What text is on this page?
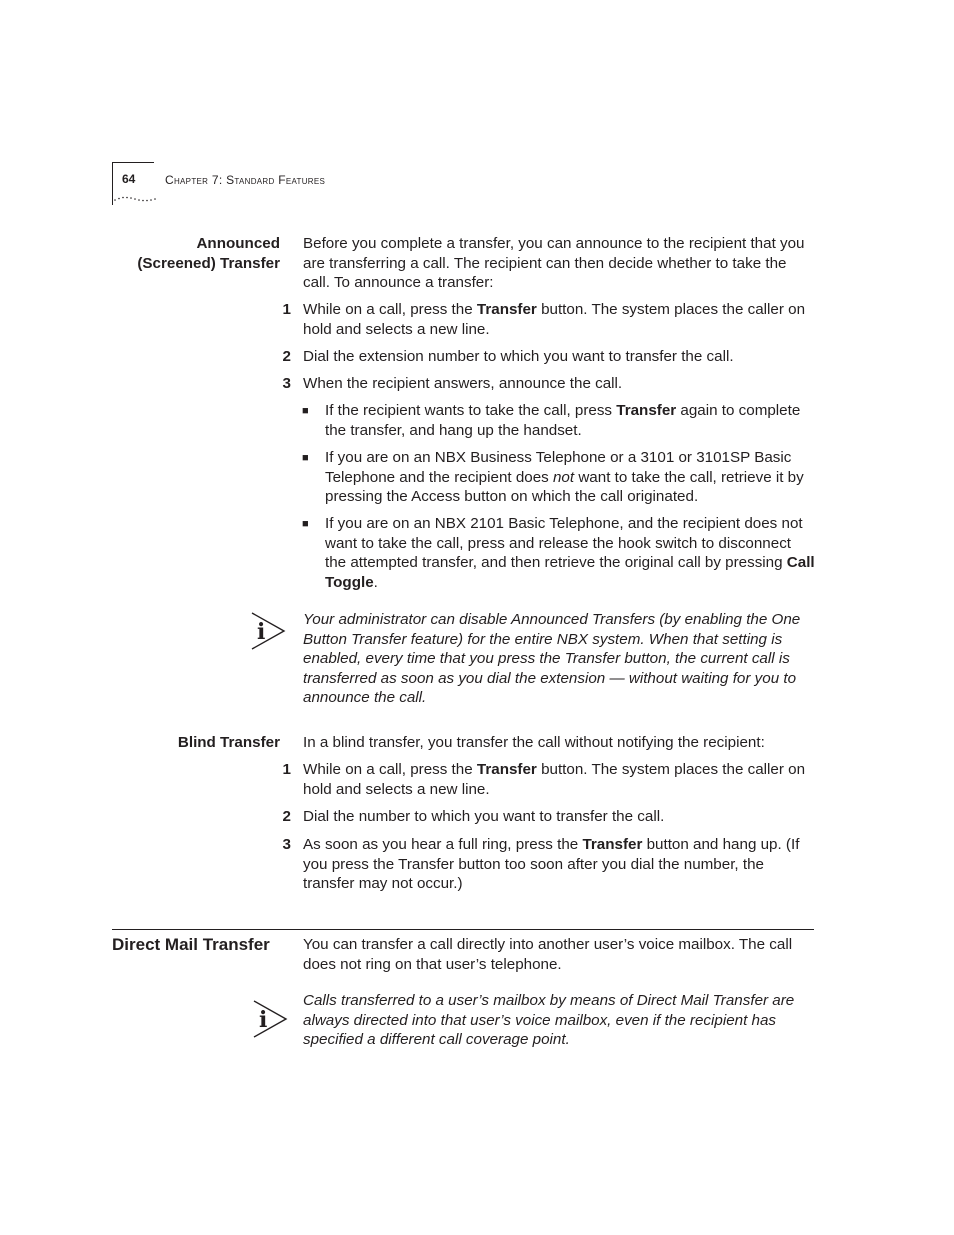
64 Chapter 7: Standard Features
Announced
(Screened) Transfer
Before you complete a transfer, you can announce to the recipient that you are transferring a call. The recipient can then decide whether to take the call. To announce a transfer:
1 While on a call, press the Transfer button. The system places the caller on hold and selects a new line.
2 Dial the extension number to which you want to transfer the call.
3 When the recipient answers, announce the call.
■ If the recipient wants to take the call, press Transfer again to complete the transfer, and hang up the handset.
■ If you are on an NBX Business Telephone or a 3101 or 3101SP Basic Telephone and the recipient does not want to take the call, retrieve it by pressing the Access button on which the call originated.
■ If you are on an NBX 2101 Basic Telephone, and the recipient does not want to take the call, press and release the hook switch to disconnect the attempted transfer, and then retrieve the original call by pressing Call Toggle.
i Your administrator can disable Announced Transfers (by enabling the One Button Transfer feature) for the entire NBX system. When that setting is enabled, every time that you press the Transfer button, the current call is transferred as soon as you dial the extension — without waiting for you to announce the call.
Blind Transfer In a blind transfer, you transfer the call without notifying the recipient:
1 While on a call, press the Transfer button. The system places the caller on hold and selects a new line.
2 Dial the number to which you want to transfer the call.
3 As soon as you hear a full ring, press the Transfer button and hang up. (If you press the Transfer button too soon after you dial the number, the transfer may not occur.)
Direct Mail Transfer You can transfer a call directly into another user’s voice mailbox. The call does not ring on that user’s telephone.
i
Calls transferred to a user’s mailbox by means of Direct Mail Transfer are always directed into that user’s voice mailbox, even if the recipient has specified a different call coverage point.
